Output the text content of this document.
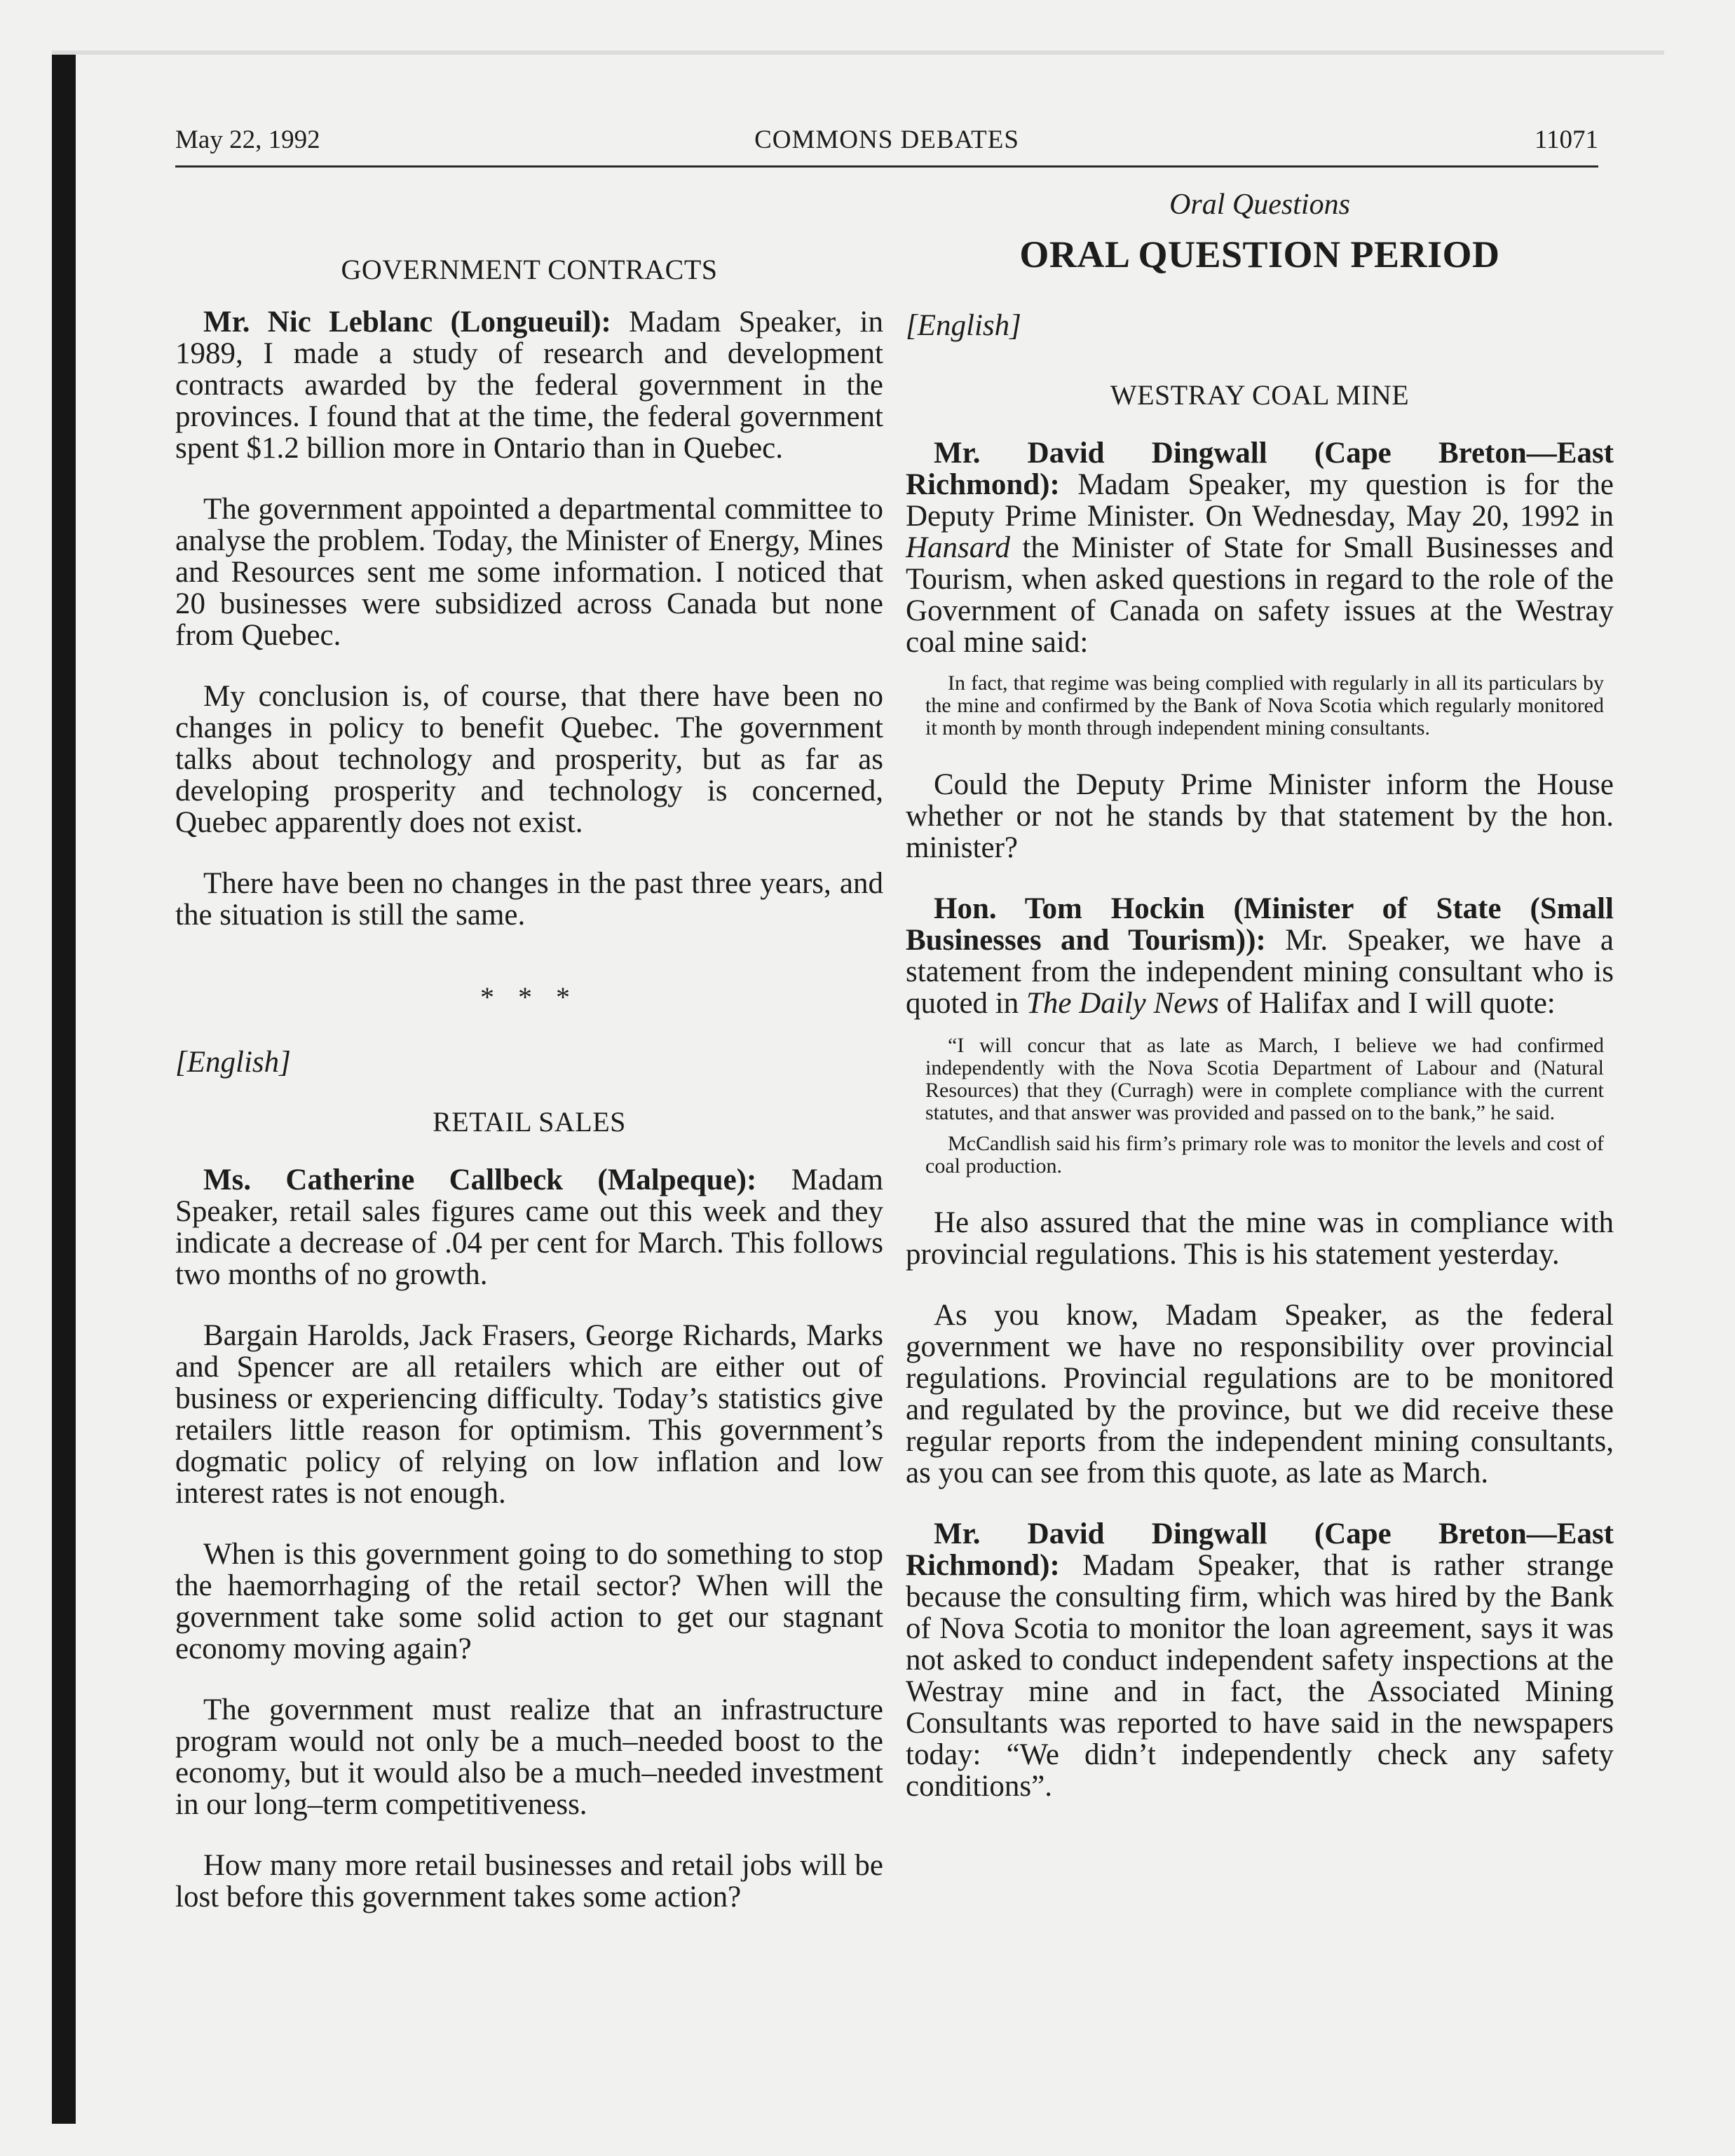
May 22, 1992	COMMONS DEBATES	11071

GOVERNMENT CONTRACTS

Mr. Nic Leblanc (Longueuil): Madam Speaker, in 1989, I made a study of research and development contracts awarded by the federal government in the provinces. I found that at the time, the federal government spent $1.2 billion more in Ontario than in Quebec.

The government appointed a departmental committee to analyse the problem. Today, the Minister of Energy, Mines and Resources sent me some information. I noticed that 20 businesses were subsidized across Canada but none from Quebec.

My conclusion is, of course, that there have been no changes in policy to benefit Quebec. The government talks about technology and prosperity, but as far as developing prosperity and technology is concerned, Quebec apparently does not exist.

There have been no changes in the past three years, and the situation is still the same.

* * *

[English]

RETAIL SALES

Ms. Catherine Callbeck (Malpeque): Madam Speaker, retail sales figures came out this week and they indicate a decrease of .04 per cent for March. This follows two months of no growth.

Bargain Harolds, Jack Frasers, George Richards, Marks and Spencer are all retailers which are either out of business or experiencing difficulty. Today’s statistics give retailers little reason for optimism. This government’s dogmatic policy of relying on low inflation and low interest rates is not enough.

When is this government going to do something to stop the haemorrhaging of the retail sector? When will the government take some solid action to get our stagnant economy moving again?

The government must realize that an infrastructure program would not only be a much–needed boost to the economy, but it would also be a much–needed investment in our long–term competitiveness.

How many more retail businesses and retail jobs will be lost before this government takes some action?

Oral Questions

ORAL QUESTION PERIOD

[English]

WESTRAY COAL MINE

Mr. David Dingwall (Cape Breton—East Richmond): Madam Speaker, my question is for the Deputy Prime Minister. On Wednesday, May 20, 1992 in Hansard the Minister of State for Small Businesses and Tourism, when asked questions in regard to the role of the Government of Canada on safety issues at the Westray coal mine said:

In fact, that regime was being complied with regularly in all its particulars by the mine and confirmed by the Bank of Nova Scotia which regularly monitored it month by month through independent mining consultants.

Could the Deputy Prime Minister inform the House whether or not he stands by that statement by the hon. minister?

Hon. Tom Hockin (Minister of State (Small Businesses and Tourism)): Mr. Speaker, we have a statement from the independent mining consultant who is quoted in The Daily News of Halifax and I will quote:

“I will concur that as late as March, I believe we had confirmed independently with the Nova Scotia Department of Labour and (Natural Resources) that they (Curragh) were in complete compliance with the current statutes, and that answer was provided and passed on to the bank,” he said.

McCandlish said his firm’s primary role was to monitor the levels and cost of coal production.

He also assured that the mine was in compliance with provincial regulations. This is his statement yesterday.

As you know, Madam Speaker, as the federal government we have no responsibility over provincial regulations. Provincial regulations are to be monitored and regulated by the province, but we did receive these regular reports from the independent mining consultants, as you can see from this quote, as late as March.

Mr. David Dingwall (Cape Breton—East Richmond): Madam Speaker, that is rather strange because the consulting firm, which was hired by the Bank of Nova Scotia to monitor the loan agreement, says it was not asked to conduct independent safety inspections at the Westray mine and in fact, the Associated Mining Consultants was reported to have said in the newspapers today: “We didn’t independently check any safety conditions”.
